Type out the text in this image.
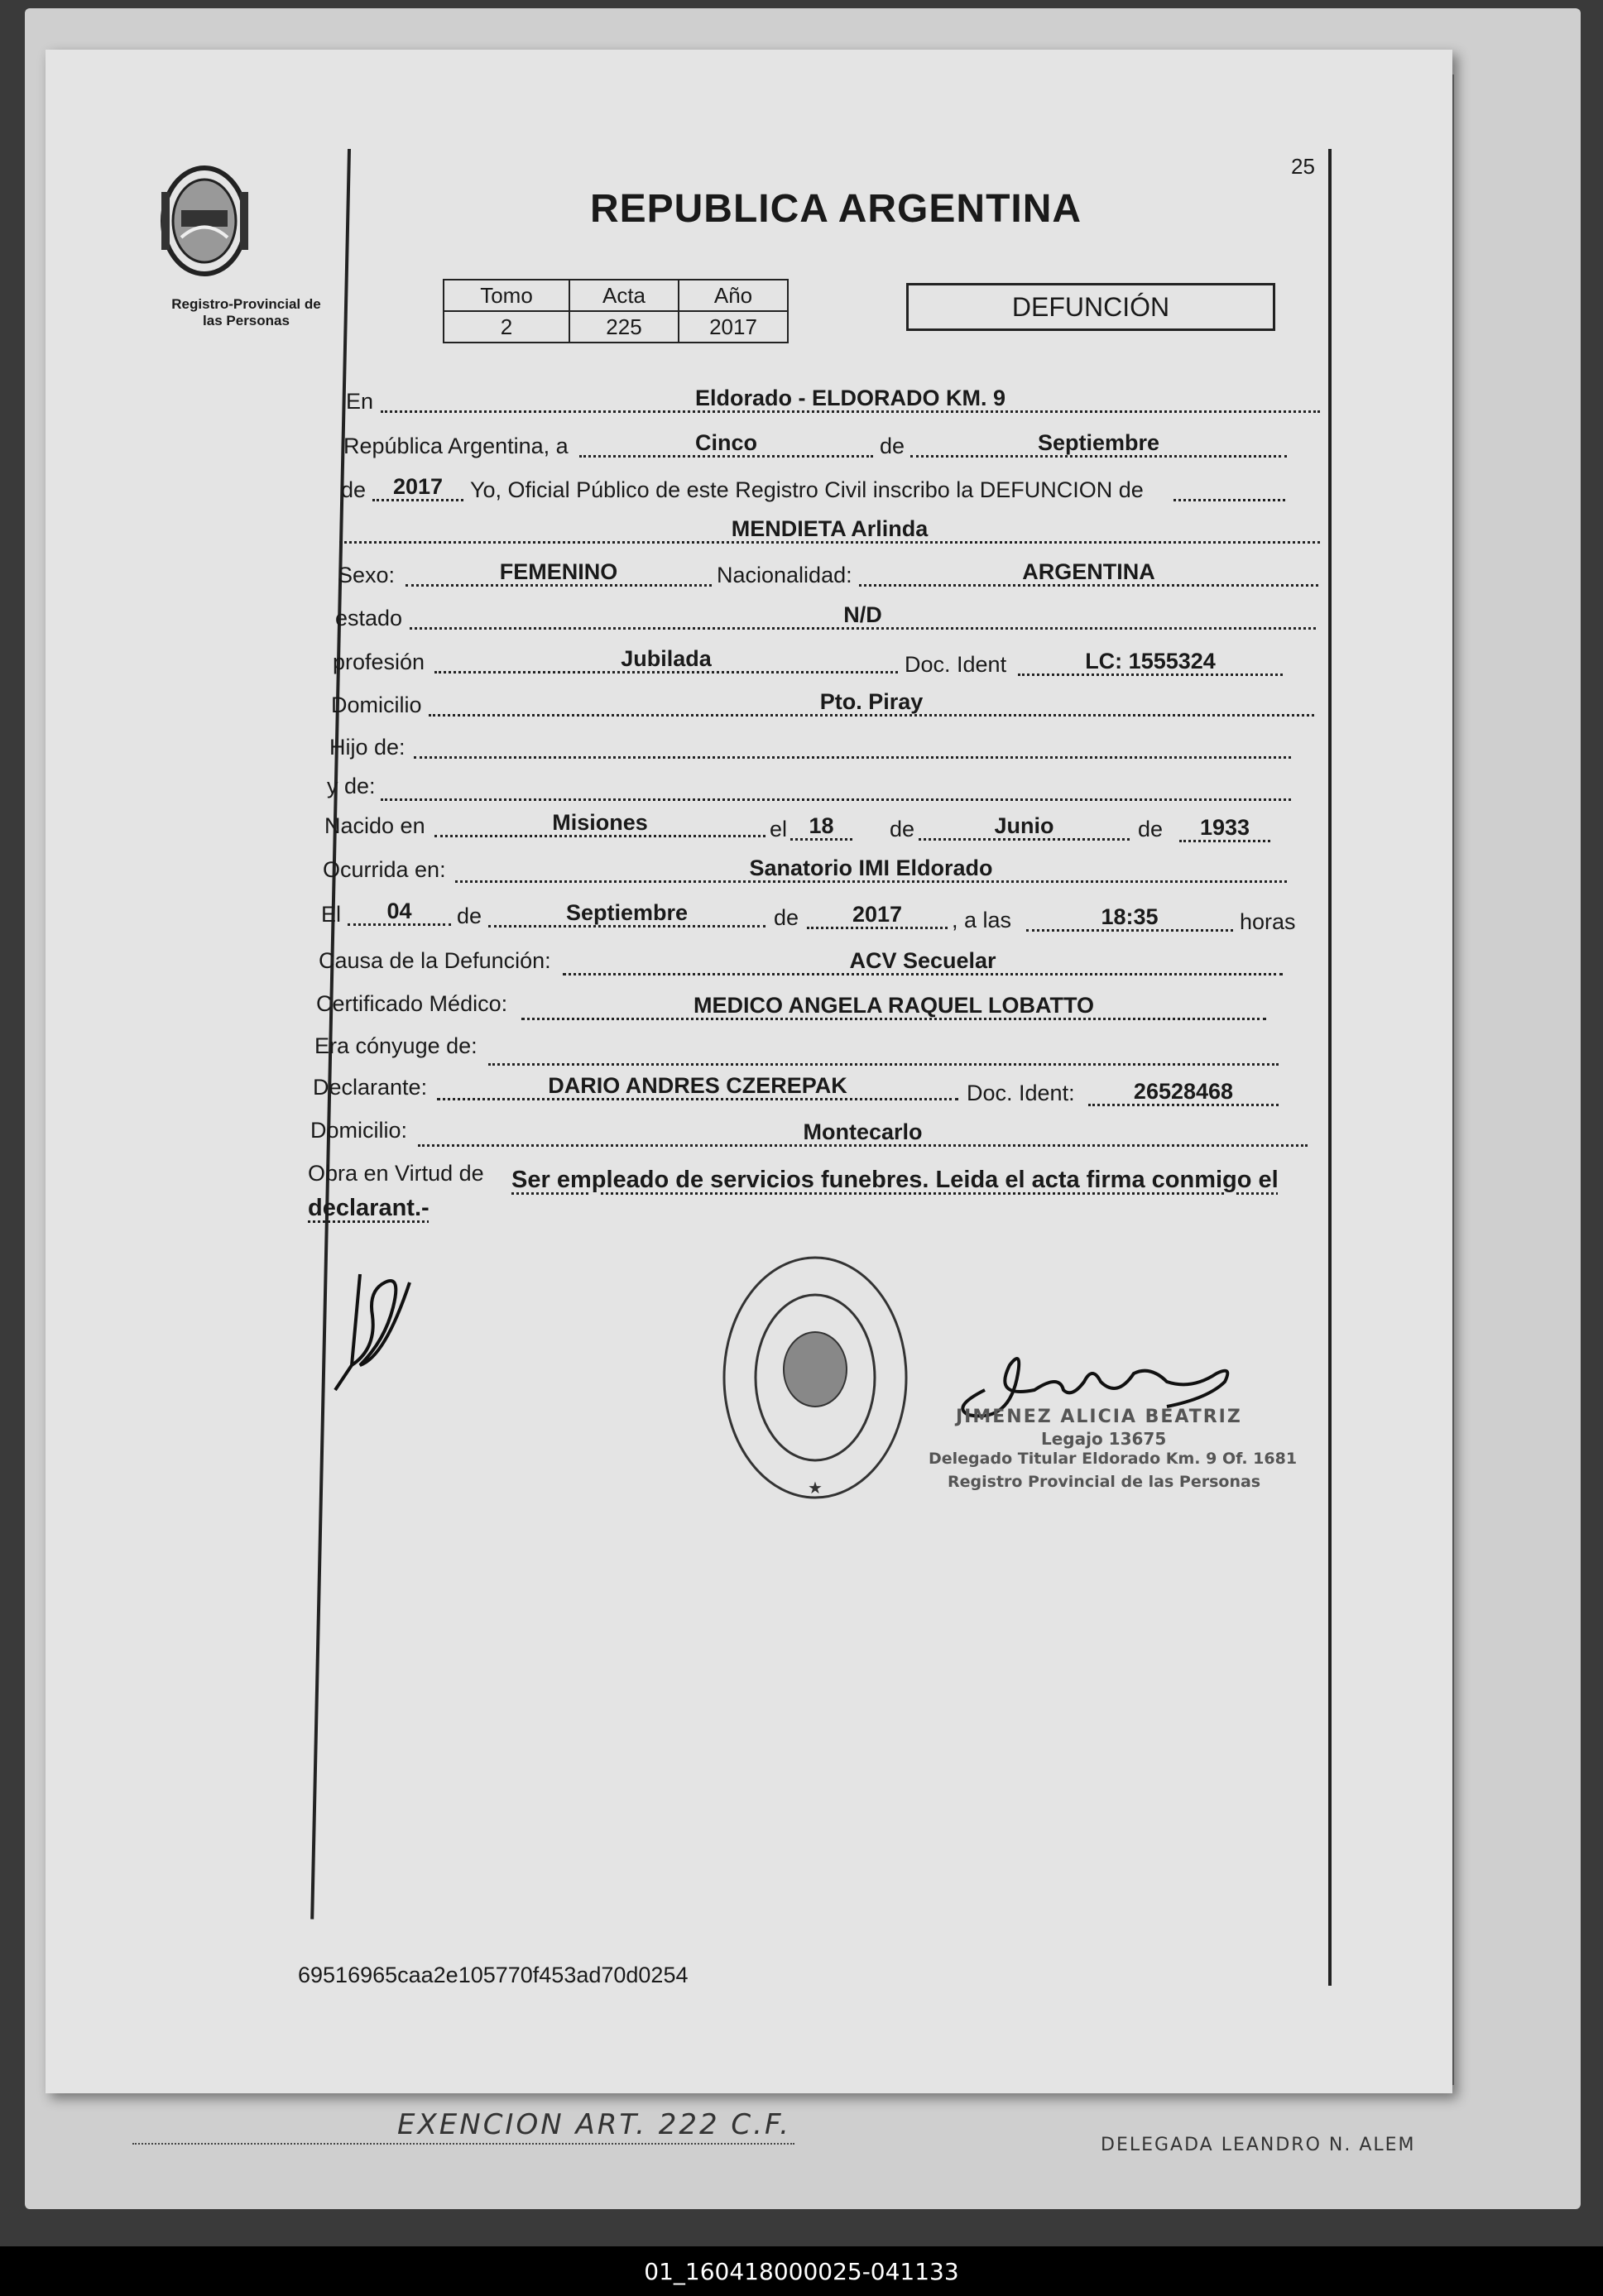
EXENCION ART. 222 C.F.
DELEGADA LEANDRO N. ALEM
25
Registro-Provincial de
las Personas
REPUBLICA ARGENTINA
Tomo	Acta	Año
2	225	2017
DEFUNCIÓN
En	Eldorado - ELDORADO KM. 9
República Argentina, a	Cinco	de	Septiembre
de	2017	Yo, Oficial Público de este Registro Civil inscribo la DEFUNCION de
MENDIETA Arlinda
Sexo:	FEMENINO	Nacionalidad:	ARGENTINA
estado	N/D
profesión	Jubilada	Doc. Ident	LC: 1555324
Domicilio	Pto. Piray
Hijo de:
y de:
Nacido en	Misiones	el 18	de	Junio	de	1933
Ocurrida en:	Sanatorio IMI Eldorado
El	04	de	Septiembre	de	2017	, a las	18:35	horas
Causa de la Defunción:	ACV Secuelar
Certificado Médico:	MEDICO ANGELA RAQUEL LOBATTO
Era cónyuge de:
Declarante:	DARIO ANDRES CZEREPAK	Doc. Ident:	26528468
Domicilio:	Montecarlo
Obra en Virtud de Ser empleado de servicios funebres. Leida el acta firma conmigo el
declarant.-
★
JIMENEZ ALICIA BEATRIZ
Legajo 13675
Delegado Titular Eldorado Km. 9 Of. 1681
Registro Provincial de las Personas
69516965caa2e105770f453ad70d0254
01_160418000025-041133
